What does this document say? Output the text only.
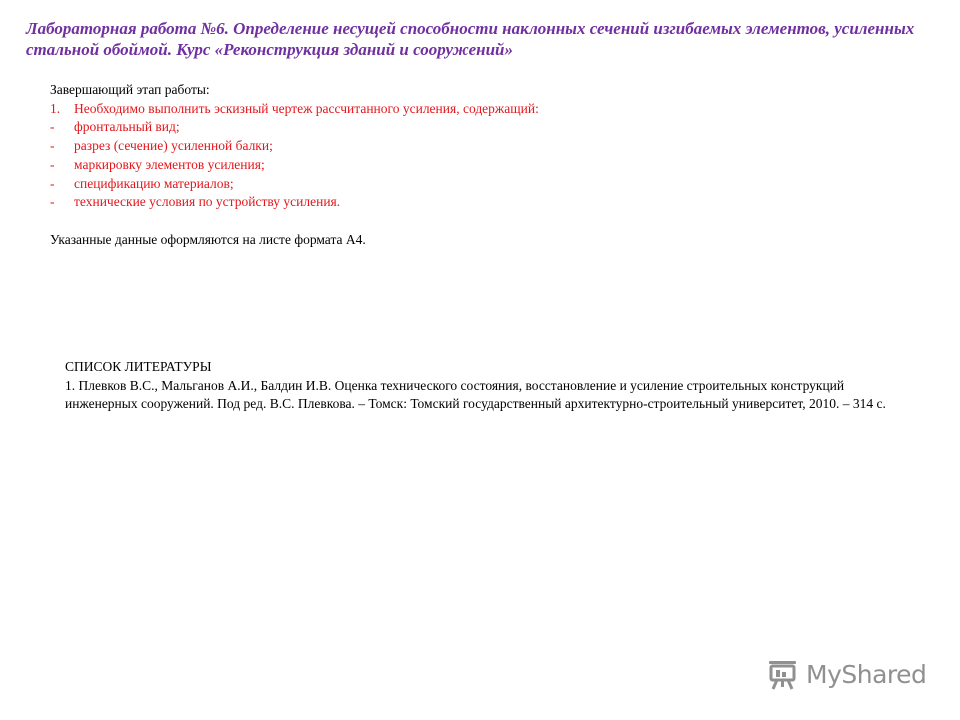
Лабораторная работа №6. Определение несущей способности наклонных сечений изгибаемых элементов, усиленных стальной обоймой. Курс «Реконструкция зданий и сооружений»
Завершающий этап работы:
1. Необходимо выполнить эскизный чертеж рассчитанного усиления, содержащий:
- фронтальный вид;
- разрез (сечение) усиленной балки;
- маркировку элементов усиления;
- спецификацию материалов;
- технические условия по устройству усиления.
Указанные данные оформляются на листе формата А4.
СПИСОК ЛИТЕРАТУРЫ

1. Плевков В.С., Мальганов А.И., Балдин И.В. Оценка технического состояния, восстановление и усиление строительных конструкций инженерных сооружений. Под ред. В.С. Плевкова. – Томск: Томский государственный архитектурно-строительный университет, 2010. – 314 с.

MyShared
